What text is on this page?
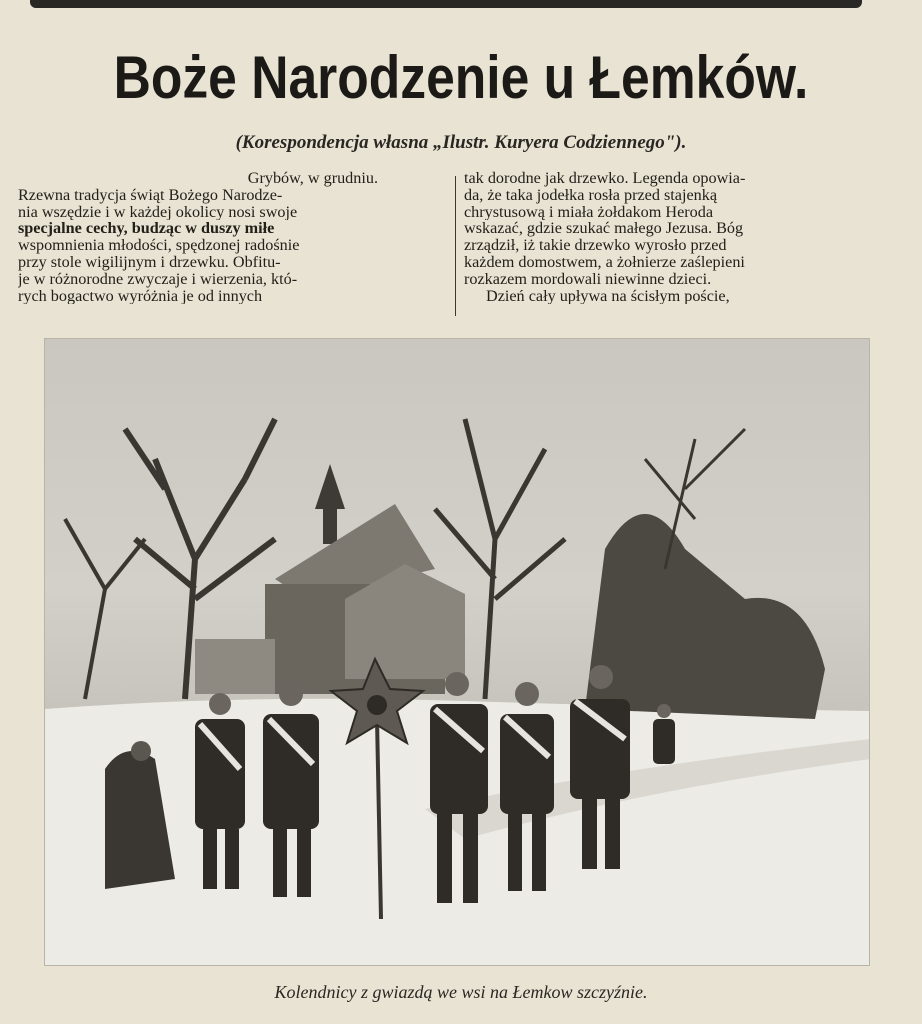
Boże Narodzenie u Łemków.
(Korespondencja własna „Ilustr. Kuryera Codziennego").
Grybów, w grudniu.
Rzewna tradycja świąt Bożego Narodze-
nia wszędzie i w każdej okolicy nosi swoje
specjalne cechy, budząc w duszy miłe
wspomnienia młodości, spędzonej radośnie
przy stole wigilijnym i drzewku. Obfitu-
je w różnorodne zwyczaje i wierzenia, któ-
rych bogactwo wyróżnia je od innych
tak dorodne jak drzewko. Legenda opowia-
da, że taka jodełka rosła przed stajenką
chrystusową i miała żołdakom Heroda
wskazać, gdzie szukać małego Jezusa. Bóg
zrządził, iż takie drzewko wyrosło przed
każdem domostwem, a żołnierze zaślepieni
rozkazem mordowali niewinne dzieci.
Dzień cały upływa na ścisłym poście,
Kolendnicy z gwiazdą we wsi na Łemkow szczyźnie.
